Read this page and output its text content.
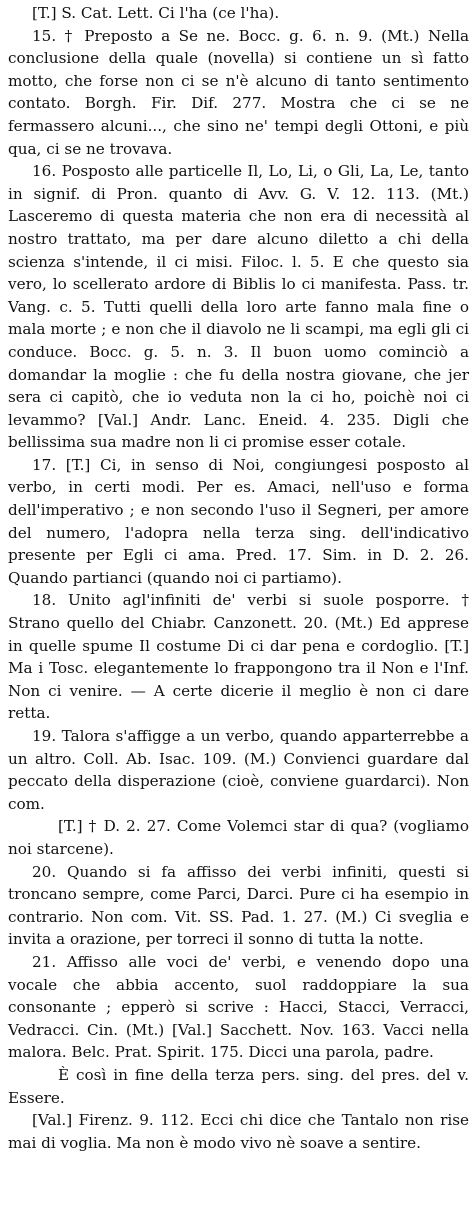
[T.] S. Cat. Lett. Ci l'ha (ce l'ha).

15. † Preposto a Se ne. Bocc. g. 6. n. 9. (Mt.) Nella conclusione della quale (novella) si contiene un sì fatto motto, che forse non ci se n'è alcuno di tanto sentimento contato. Borgh. Fir. Dif. 277. Mostra che ci se ne fermassero alcuni..., che sino ne' tempi degli Ottoni, e più qua, ci se ne trovava.

16. Posposto alle particelle Il, Lo, Li, o Gli, La, Le, tanto in signif. di Pron. quanto di Avv. G. V. 12. 113. (Mt.) Lasceremo di questa materia che non era di necessità al nostro trattato, ma per dare alcuno diletto a chi della scienza s'intende, il ci misi. Filoc. l. 5. E che questo sia vero, lo scellerato ardore di Biblis lo ci manifesta. Pass. tr. Vang. c. 5. Tutti quelli della loro arte fanno mala fine o mala morte ; e non che il diavolo ne li scampi, ma egli gli ci conduce. Bocc. g. 5. n. 3. Il buon uomo cominciò a domandar la moglie : che fu della nostra giovane, che jer sera ci capitò, che io veduta non la ci ho, poichè noi ci levammo? [Val.] Andr. Lanc. Eneid. 4. 235. Digli che bellissima sua madre non li ci promise esser cotale.

17. [T.] Ci, in senso di Noi, congiungesi posposto al verbo, in certi modi. Per es. Amaci, nell'uso e forma dell'imperativo ; e non secondo l'uso il Segneri, per amore del numero, l'adopra nella terza sing. dell'indicativo presente per Egli ci ama. Pred. 17. Sim. in D. 2. 26. Quando partianci (quando noi ci partiamo).

18. Unito agl'infiniti de' verbi si suole posporre. † Strano quello del Chiabr. Canzonett. 20. (Mt.) Ed apprese in quelle spume Il costume Di ci dar pena e cordoglio. [T.] Ma i Tosc. elegantemente lo frappongono tra il Non e l'Inf. Non ci venire. — A certe dicerie il meglio è non ci dare retta.

19. Talora s'affigge a un verbo, quando apparterrebbe a un altro. Coll. Ab. Isac. 109. (M.) Convienci guardare dal peccato della disperazione (cioè, conviene guardarci). Non com.

[T.] † D. 2. 27. Come Volemci star di qua? (vogliamo noi starcene).

20. Quando si fa affisso dei verbi infiniti, questi si troncano sempre, come Parci, Darci. Pure ci ha esempio in contrario. Non com. Vit. SS. Pad. 1. 27. (M.) Ci sveglia e invita a orazione, per torreci il sonno di tutta la notte.

21. Affisso alle voci de' verbi, e venendo dopo una vocale che abbia accento, suol raddoppiare la sua consonante ; epperò si scrive : Hacci, Stacci, Verracci, Vedracci. Cin. (Mt.) [Val.] Sacchett. Nov. 163. Vacci nella malora. Belc. Prat. Spirit. 175. Dicci una parola, padre.

È così in fine della terza pers. sing. del pres. del v. Essere.

[Val.] Firenz. 9. 112. Ecci chi dice che Tantalo non rise mai di voglia. Ma non è modo vivo nè soave a sentire.
